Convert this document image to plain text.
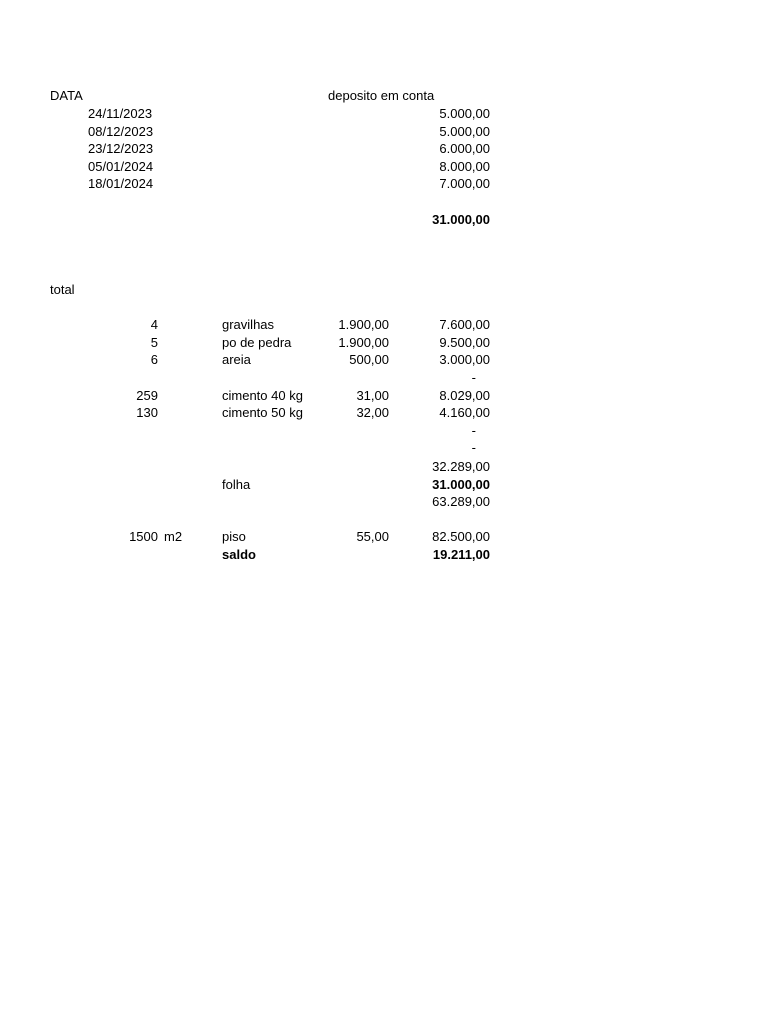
DATA	deposito em conta
24/11/2023	5.000,00
08/12/2023	5.000,00
23/12/2023	6.000,00
05/01/2024	8.000,00
18/01/2024	7.000,00
31.000,00
total
4	gravilhas	1.900,00	7.600,00
5	po de pedra	1.900,00	9.500,00
6	areia	500,00	3.000,00
-
259	cimento 40 kg	31,00	8.029,00
130	cimento 50 kg	32,00	4.160,00
-
-
32.289,00
folha	31.000,00
63.289,00
1500 m2	piso	55,00	82.500,00
saldo	19.211,00
